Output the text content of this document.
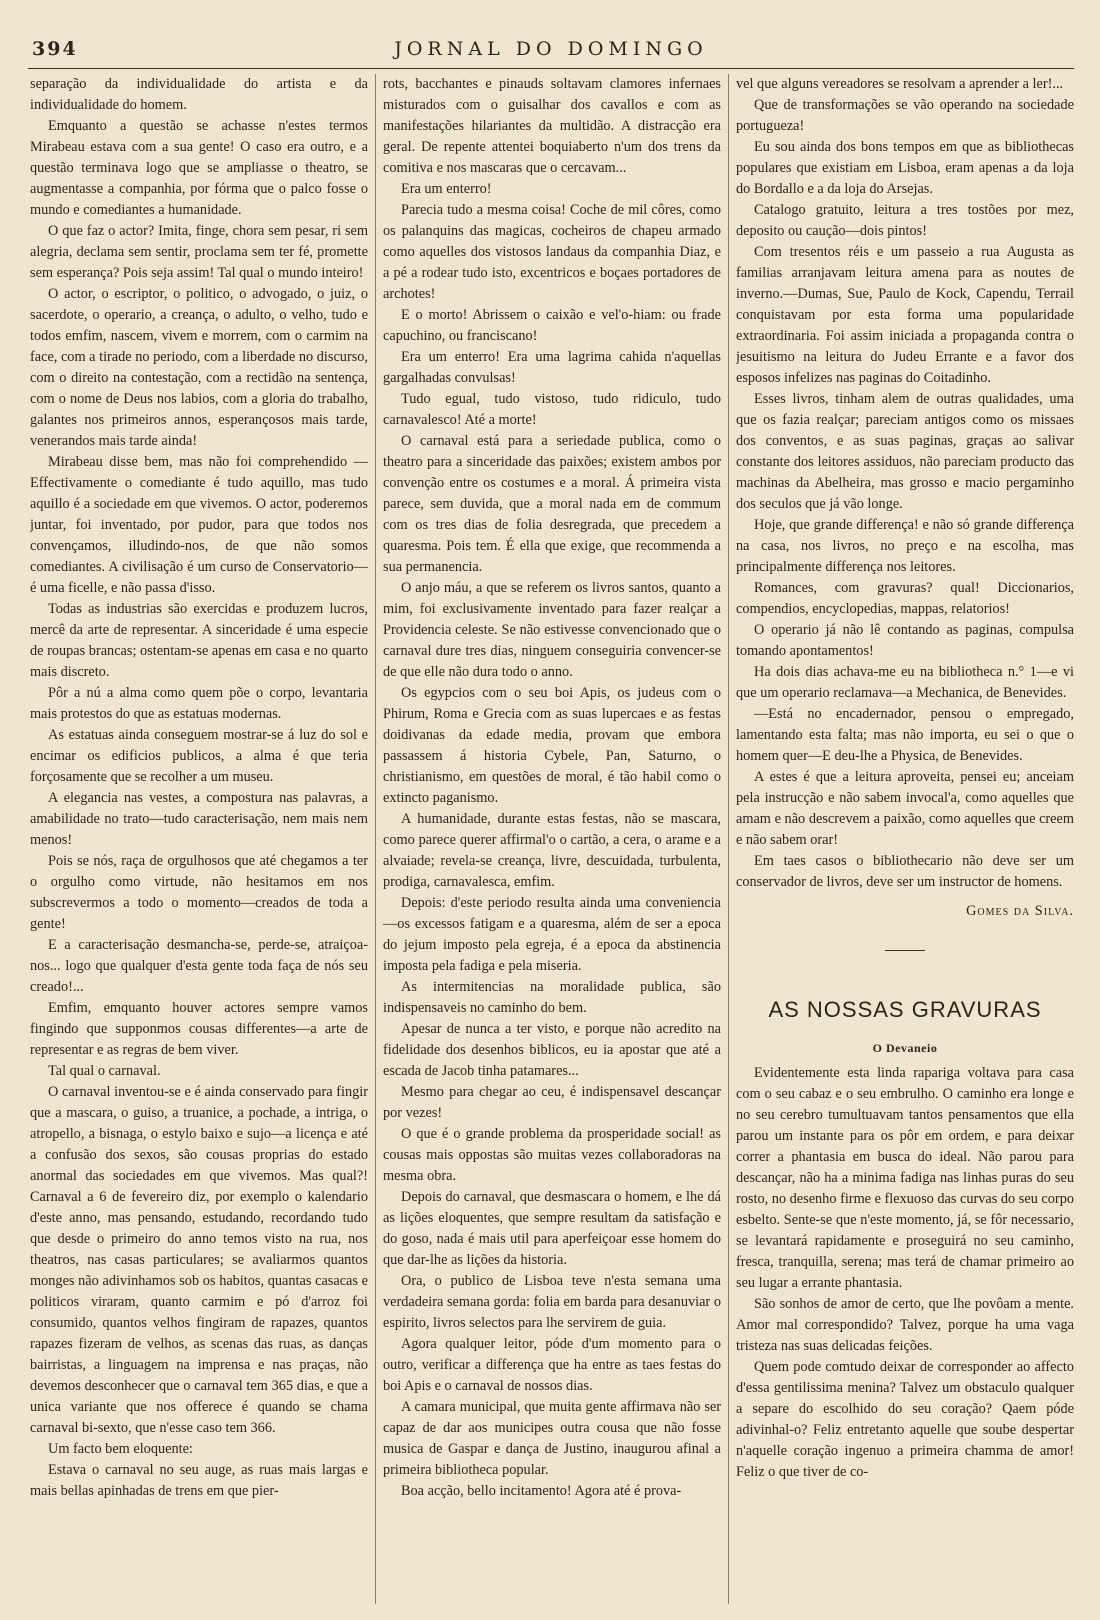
394	JORNAL DO DOMINGO

separação da individualidade do artista e da individualidade do homem.

Emquanto a questão se achasse n'estes termos Mirabeau estava com a sua gente! O caso era outro, e a questão terminava logo que se ampliasse o theatro, se augmentasse a companhia, por fórma que o palco fosse o mundo e comediantes a humanidade.

O que faz o actor? Imita, finge, chora sem pesar, ri sem alegria, declama sem sentir, proclama sem ter fé, promette sem esperança? Pois seja assim! Tal qual o mundo inteiro!

O actor, o escriptor, o politico, o advogado, o juiz, o sacerdote, o operario, a creança, o adulto, o velho, tudo e todos emfim, nascem, vivem e morrem, com o carmim na face, com a tirade no periodo, com a liberdade no discurso, com o direito na contestação, com a rectidão na sentença, com o nome de Deus nos labios, com a gloria do trabalho, galantes nos primeiros annos, esperançosos mais tarde, venerandos mais tarde ainda!

Mirabeau disse bem, mas não foi comprehendido —Effectivamente o comediante é tudo aquillo, mas tudo aquillo é a sociedade em que vivemos. O actor, poderemos juntar, foi inventado, por pudor, para que todos nos convençamos, illudindo-nos, de que não somos comediantes. A civilisação é um curso de Conservatorio—é uma ficelle, e não passa d'isso.

Todas as industrias são exercidas e produzem lucros, mercê da arte de representar. A sinceridade é uma especie de roupas brancas; ostentam-se apenas em casa e no quarto mais discreto.

Pôr a nú a alma como quem põe o corpo, levantaria mais protestos do que as estatuas modernas.

As estatuas ainda conseguem mostrar-se á luz do sol e encimar os edificios publicos, a alma é que teria forçosamente que se recolher a um museu.

A elegancia nas vestes, a compostura nas palavras, a amabilidade no trato—tudo caracterisação, nem mais nem menos!

Pois se nós, raça de orgulhosos que até chegamos a ter o orgulho como virtude, não hesitamos em nos subscrevermos a todo o momento—creados de toda a gente!

E a caracterisação desmancha-se, perde-se, atraiçoa-nos... logo que qualquer d'esta gente toda faça de nós seu creado!...

Emfim, emquanto houver actores sempre vamos fingindo que supponmos cousas differentes—a arte de representar e as regras de bem viver.

Tal qual o carnaval.

O carnaval inventou-se e é ainda conservado para fingir que a mascara, o guiso, a truanice, a pochade, a intriga, o atropello, a bisnaga, o estylo baixo e sujo—a licença e até a confusão dos sexos, são cousas proprias do estado anormal das sociedades em que vivemos. Mas qual?! Carnaval a 6 de fevereiro diz, por exemplo o kalendario d'este anno, mas pensando, estudando, recordando tudo que desde o primeiro do anno temos visto na rua, nos theatros, nas casas particulares; se avaliarmos quantos monges não adivinhamos sob os habitos, quantas casacas e politicos viraram, quanto carmim e pó d'arroz foi consumido, quantos velhos fingiram de rapazes, quantos rapazes fizeram de velhos, as scenas das ruas, as danças bairristas, a linguagem na imprensa e nas praças, não devemos desconhecer que o carnaval tem 365 dias, e que a unica variante que nos offerece é quando se chama carnaval bi-sexto, que n'esse caso tem 366.

Um facto bem eloquente:

Estava o carnaval no seu auge, as ruas mais largas e mais bellas apinhadas de trens em que pier-

rots, bacchantes e pinauds soltavam clamores infernaes misturados com o guisalhar dos cavallos e com as manifestações hilariantes da multidão. A distracção era geral. De repente attentei boquiaberto n'um dos trens da comitiva e nos mascaras que o cercavam...

Era um enterro!

Parecia tudo a mesma coisa! Coche de mil côres, como os palanquins das magicas, cocheiros de chapeu armado como aquelles dos vistosos landaus da companhia Diaz, e a pé a rodear tudo isto, excentricos e boçaes portadores de archotes!

E o morto! Abrissem o caixão e vel'o-hiam: ou frade capuchino, ou franciscano!

Era um enterro! Era uma lagrima cahida n'aquellas gargalhadas convulsas!

Tudo egual, tudo vistoso, tudo ridiculo, tudo carnavalesco! Até a morte!

O carnaval está para a seriedade publica, como o theatro para a sinceridade das paixões; existem ambos por convenção entre os costumes e a moral. Á primeira vista parece, sem duvida, que a moral nada em de commum com os tres dias de folia desregrada, que precedem a quaresma. Pois tem. É ella que exige, que recommenda a sua permanencia.

O anjo máu, a que se referem os livros santos, quanto a mim, foi exclusivamente inventado para fazer realçar a Providencia celeste. Se não estivesse convencionado que o carnaval dure tres dias, ninguem conseguiria convencer-se de que elle não dura todo o anno.

Os egypcios com o seu boi Apis, os judeus com o Phirum, Roma e Grecia com as suas lupercaes e as festas doidivanas da edade media, provam que embora passassem á historia Cybele, Pan, Saturno, o christianismo, em questões de moral, é tão habil como o extincto paganismo.

A humanidade, durante estas festas, não se mascara, como parece querer affirmal'o o cartão, a cera, o arame e a alvaiade; revela-se creança, livre, descuidada, turbulenta, prodiga, carnavalesca, emfim.

Depois: d'este periodo resulta ainda uma conveniencia—os excessos fatigam e a quaresma, além de ser a epoca do jejum imposto pela egreja, é a epoca da abstinencia imposta pela fadiga e pela miseria.

As intermitencias na moralidade publica, são indispensaveis no caminho do bem.

Apesar de nunca a ter visto, e porque não acredito na fidelidade dos desenhos biblicos, eu ia apostar que até a escada de Jacob tinha patamares...

Mesmo para chegar ao ceu, é indispensavel descançar por vezes!

O que é o grande problema da prosperidade social! as cousas mais oppostas são muitas vezes collaboradoras na mesma obra.

Depois do carnaval, que desmascara o homem, e lhe dá as lições eloquentes, que sempre resultam da satisfação e do goso, nada é mais util para aperfeiçoar esse homem do que dar-lhe as lições da historia.

Ora, o publico de Lisboa teve n'esta semana uma verdadeira semana gorda: folia em barda para desanuviar o espirito, livros selectos para lhe servirem de guia.

Agora qualquer leitor, póde d'um momento para o outro, verificar a differença que ha entre as taes festas do boi Apis e o carnaval de nossos dias.

A camara municipal, que muita gente affirmava não ser capaz de dar aos municipes outra cousa que não fosse musica de Gaspar e dança de Justino, inaugurou afinal a primeira bibliotheca popular.

Boa acção, bello incitamento! Agora até é prova-

vel que alguns vereadores se resolvam a aprender a ler!...

Que de transformações se vão operando na sociedade portugueza!

Eu sou ainda dos bons tempos em que as bibliothecas populares que existiam em Lisboa, eram apenas a da loja do Bordallo e a da loja do Arsejas.

Catalogo gratuito, leitura a tres tostões por mez, deposito ou caução—dois pintos!

Com tresentos réis e um passeio a rua Augusta as familias arranjavam leitura amena para as noutes de inverno.—Dumas, Sue, Paulo de Kock, Capendu, Terrail conquistavam por esta forma uma popularidade extraordinaria. Foi assim iniciada a propaganda contra o jesuitismo na leitura do Judeu Errante e a favor dos esposos infelizes nas paginas do Coitadinho.

Esses livros, tinham alem de outras qualidades, uma que os fazia realçar; pareciam antigos como os missaes dos conventos, e as suas paginas, graças ao salivar constante dos leitores assiduos, não pareciam producto das machinas da Abelheira, mas grosso e macio pergaminho dos seculos que já vão longe.

Hoje, que grande differença! e não só grande differença na casa, nos livros, no preço e na escolha, mas principalmente differença nos leitores.

Romances, com gravuras? qual! Diccionarios, compendios, encyclopedias, mappas, relatorios!

O operario já não lê contando as paginas, compulsa tomando apontamentos!

Ha dois dias achava-me eu na bibliotheca n.° 1—e vi que um operario reclamava—a Mechanica, de Benevides.

—Está no encadernador, pensou o empregado, lamentando esta falta; mas não importa, eu sei o que o homem quer—E deu-lhe a Physica, de Benevides.

A estes é que a leitura aproveita, pensei eu; anceiam pela instrucção e não sabem invocal'a, como aquelles que amam e não descrevem a paixão, como aquelles que creem e não sabem orar!

Em taes casos o bibliothecario não deve ser um conservador de livros, deve ser um instructor de homens.

Gomes da Silva.
AS NOSSAS GRAVURAS
O Devaneio

Evidentemente esta linda rapariga voltava para casa com o seu cabaz e o seu embrulho. O caminho era longe e no seu cerebro tumultuavam tantos pensamentos que ella parou um instante para os pôr em ordem, e para deixar correr a phantasia em busca do ideal. Não parou para descançar, não ha a minima fadiga nas linhas puras do seu rosto, no desenho firme e flexuoso das curvas do seu corpo esbelto. Sente-se que n'este momento, já, se fôr necessario, se levantará rapidamente e proseguirá no seu caminho, fresca, tranquilla, serena; mas terá de chamar primeiro ao seu lugar a errante phantasia.

São sonhos de amor de certo, que lhe povôam a mente. Amor mal correspondido? Talvez, porque ha uma vaga tristeza nas suas delicadas feições.

Quem pode comtudo deixar de corresponder ao affecto d'essa gentilissima menina? Talvez um obstaculo qualquer a separe do escolhido do seu coração? Qaem póde adivinhal-o? Feliz entretanto aquelle que soube despertar n'aquelle coração ingenuo a primeira chamma de amor! Feliz o que tiver de co-
